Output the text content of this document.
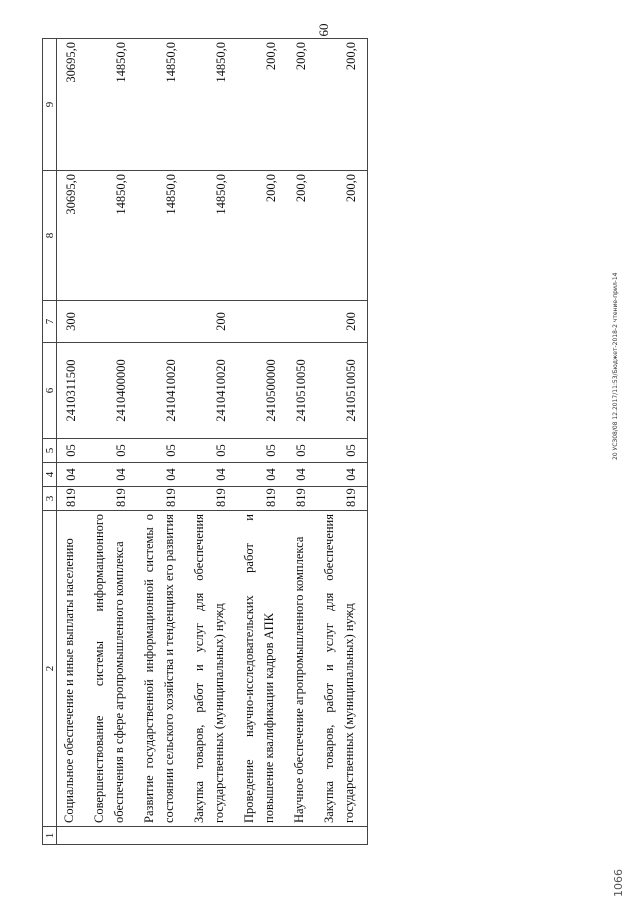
60
1	2	3	4	5	6	7	8	9
	Социальное обеспечение и иные выплаты населению	819	04	05	2410311500	300	30695,0	30695,0
	Совершенствование системы информационного обеспечения в сфере агропромышленного комплекса	819	04	05	2410400000		14850,0	14850,0
	Развитие государственной информационной системы о состоянии сельского хозяйства и тенденциях его развития	819	04	05	2410410020		14850,0	14850,0
	Закупка товаров, работ и услуг для обеспечения государственных (муниципальных) нужд	819	04	05	2410410020	200	14850,0	14850,0
	Проведение научно-исследовательских работ и повышение квалификации кадров АПК	819	04	05	2410500000		200,0	200,0
	Научное обеспечение агропромышленного комплекса	819	04	05	2410510050		200,0	200,0
	Закупка товаров, работ и услуг для обеспечения государственных (муниципальных) нужд	819	04	05	2410510050	200	200,0	200,0
20 УСЗ08/08 12.2017/11:53/Бюджет-2018-2 чтение-прил-14
1066
